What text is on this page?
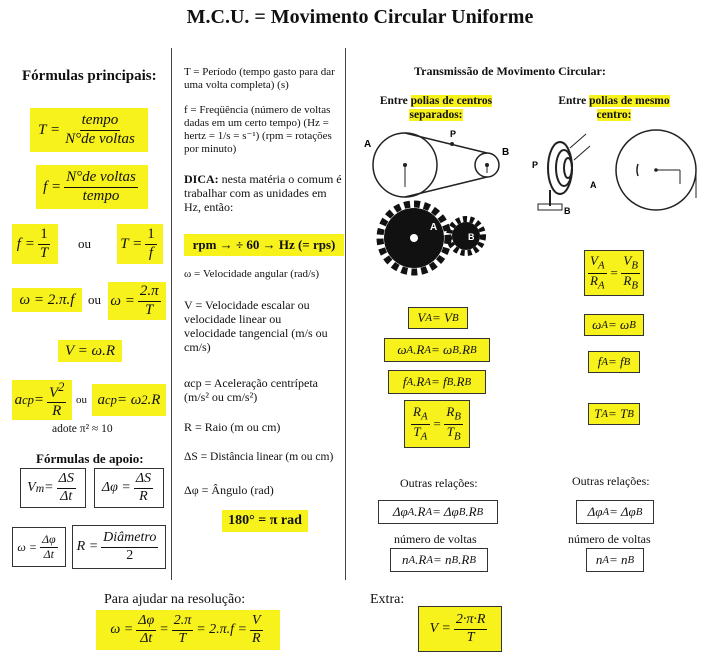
M.C.U. = Movimento Circular Uniforme
Fórmulas principais:
$T = \frac{\text{tempo}}{\text{N°de voltas}}$
$f = \frac{\text{N°de voltas}}{\text{tempo}}$
$f = \frac{1}{T}$ ou $T = \frac{1}{f}$
ω = 2.π.f	ou $\omega = \frac{2.\pi}{T}$
V = ω.R
a cp = $\frac{V^2}{R}$ ou a cp = ω 2 .R
adote π² ≈ 10
Fórmulas de apoio:
V $m = \frac{\Delta S}{\Delta t}$	$\Delta\varphi = \frac{\Delta S}{R}$
$\omega = \frac{\Delta\varphi}{\Delta t}$	$R = \frac{\text{Diâmetro}}{2}$
T = Período (tempo gasto para dar uma volta completa) (s)
f = Freqüência (número de voltas dadas em um certo tempo) (Hz = hertz = 1/s = s⁻¹) (rpm = rotações por minuto)
DICA: nesta matéria o comum é trabalhar com as unidades em Hz, então:
rpm → ÷ 60 → Hz (= rps)
ω = Velocidade angular (rad/s)
V = Velocidade escalar ou velocidade linear ou velocidade tangencial (m/s ou cm/s)
αcp = Aceleração centrípeta (m/s² ou cm/s²)
R = Raio (m ou cm)
ΔS = Distância linear (m ou cm)
Δφ = Ângulo (rad)
180° = π rad
Transmissão de Movimento Circular:
Entre polias de centros separados:
Entre polias de mesmo centro:
A
B
P
A
B
P
A
B
V A = V B
ω A .R A = ω B .R B
f A .R A = f B .R B
$\frac{R_A}{T_A} = \frac{R_B}{T_B}$
Outras relações:
Δφ A .R A = Δφ B .R B
número de voltas
n A .R A = n B .R B
$\frac{V_A}{R_A} = \frac{V_B}{R_B}$
ω A = ω B
f A = f B
T A = T B
Outras relações:
Δφ A = Δφ B
número de voltas
n A = n B
Para ajudar na resolução:
$\omega = \frac{\Delta\varphi}{\Delta t} = \frac{2.\pi}{T} = 2.\pi.f = \frac{V}{R}$
Extra:
$V = \frac{2\cdot\pi\cdot R}{T}$
